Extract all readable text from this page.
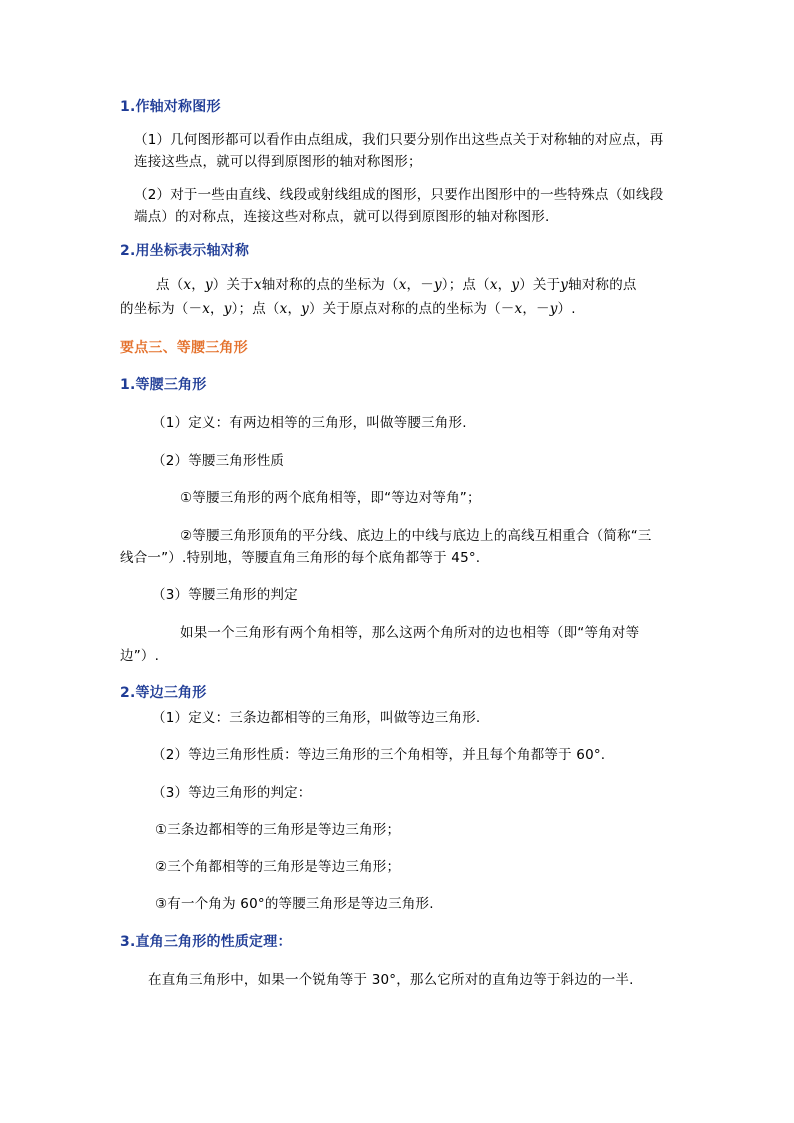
1.作轴对称图形
（1）几何图形都可以看作由点组成，我们只要分别作出这些点关于对称轴的对应点，再
连接这些点，就可以得到原图形的轴对称图形；
（2）对于一些由直线、线段或射线组成的图形，只要作出图形中的一些特殊点（如线段
端点）的对称点，连接这些对称点，就可以得到原图形的轴对称图形.
2.用坐标表示轴对称
点（x，y）关于x轴对称的点的坐标为（x，－y）；点（x，y）关于y轴对称的点
的坐标为（－x，y）；点（x，y）关于原点对称的点的坐标为（－x，－y）.
要点三、等腰三角形
1.等腰三角形
（1）定义：有两边相等的三角形，叫做等腰三角形.
（2）等腰三角形性质
①等腰三角形的两个底角相等，即“等边对等角”；
②等腰三角形顶角的平分线、底边上的中线与底边上的高线互相重合（简称“三
线合一”）.特别地，等腰直角三角形的每个底角都等于 45°.
（3）等腰三角形的判定
如果一个三角形有两个角相等，那么这两个角所对的边也相等（即“等角对等
边”）.
2.等边三角形
（1）定义：三条边都相等的三角形，叫做等边三角形.
（2）等边三角形性质：等边三角形的三个角相等，并且每个角都等于 60°.
（3）等边三角形的判定：
①三条边都相等的三角形是等边三角形；
②三个角都相等的三角形是等边三角形；
③有一个角为 60°的等腰三角形是等边三角形.
3.直角三角形的性质定理：
在直角三角形中，如果一个锐角等于 30°，那么它所对的直角边等于斜边的一半.
